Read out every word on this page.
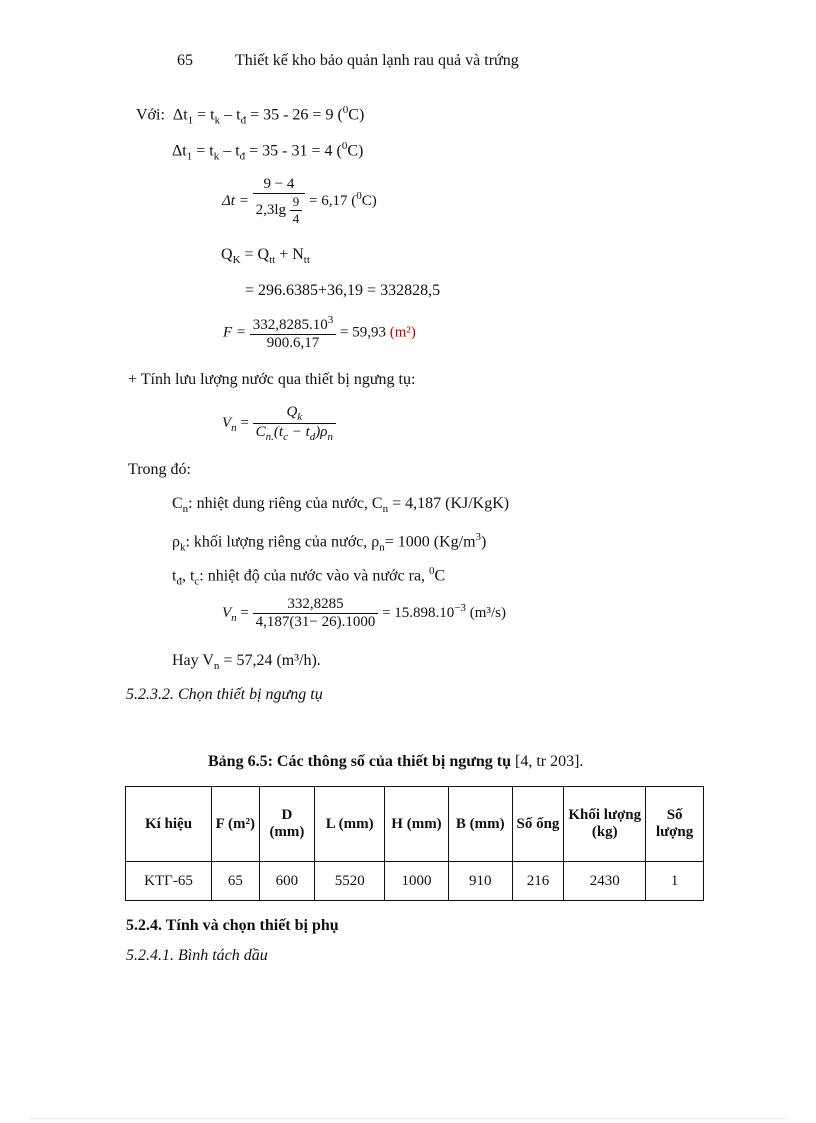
65	Thiết kế kho bảo quản lạnh rau quả và trứng
Với: $\Delta t_1 = t_k - t_đ = 35 - 26 = 9$ ($^0$C)
$\Delta t_1 = t_k - t_đ = 35 - 31 = 4$ ($^0$C)
$\Delta t = \frac{9 - 4}{2,3\lg \frac{9}{4}} = 6,17$ ($^0$C)
$Q_K = Q_{tt} + N_{tt}$
= 296.6385+36,19 = 332828,5
$F = \frac{332,8285.10^3}{900.6,17} = 59,93$ (m²)
+ Tính lưu lượng nước qua thiết bị ngưng tụ:
$V_n = \frac{Q_k}{C_{n.}(t_c - t_d)\rho_n}$
Trong đó:
$C_n$: nhiệt dung riêng của nước, $C_n = 4,187$ (KJ/KgK)
$\rho_k$: khối lượng riêng của nước, $\rho_n= 1000$ $(Kg/m^3)$
$t_đ$, $t_c$: nhiệt độ của nước vào và nước ra, $^0$C
$V_n = \frac{332,8285}{4,187(31- 26).1000} = 15.898.10^{-3}$ (m³/s)
Hay $V_n = 57,24$ (m³/h).
5.2.3.2. Chọn thiết bị ngưng tụ
Bảng 6.5: Các thông số của thiết bị ngưng tụ [4, tr 203].
Kí hiệu	F (m²)	D (mm)	L (mm)	H (mm)	B (mm)	Số ống	Khối lượng (kg)	Số lượng
KTΓ-65	65	600	5520	1000	910	216	2430	1
5.2.4. Tính và chọn thiết bị phụ
5.2.4.1. Bình tách dầu
